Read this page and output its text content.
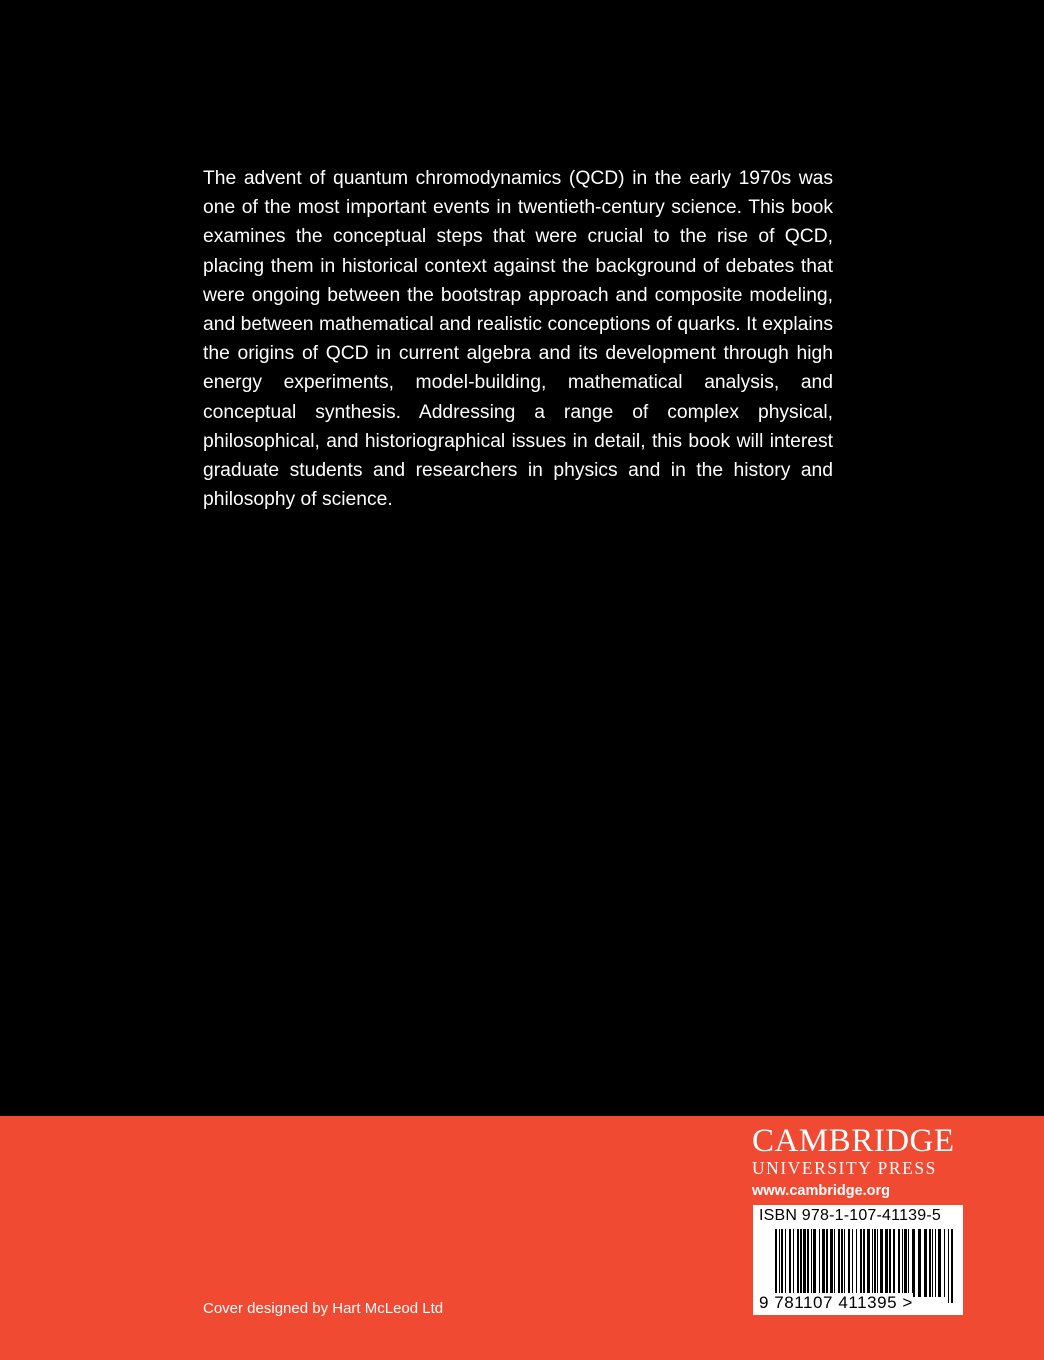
The advent of quantum chromodynamics (QCD) in the early 1970s was one of the most important events in twentieth-century science. This book examines the conceptual steps that were crucial to the rise of QCD, placing them in historical context against the background of debates that were ongoing between the bootstrap approach and composite modeling, and between mathematical and realistic conceptions of quarks. It explains the origins of QCD in current algebra and its development through high energy experiments, model-building, mathematical analysis, and conceptual synthesis. Addressing a range of complex physical, philosophical, and historiographical issues in detail, this book will interest graduate students and researchers in physics and in the history and philosophy of science.

Cover designed by Hart McLeod Ltd
CAMBRIDGE
UNIVERSITY PRESS
www.cambridge.org
ISBN 978-1-107-41139-5
9 781107 411395 >
